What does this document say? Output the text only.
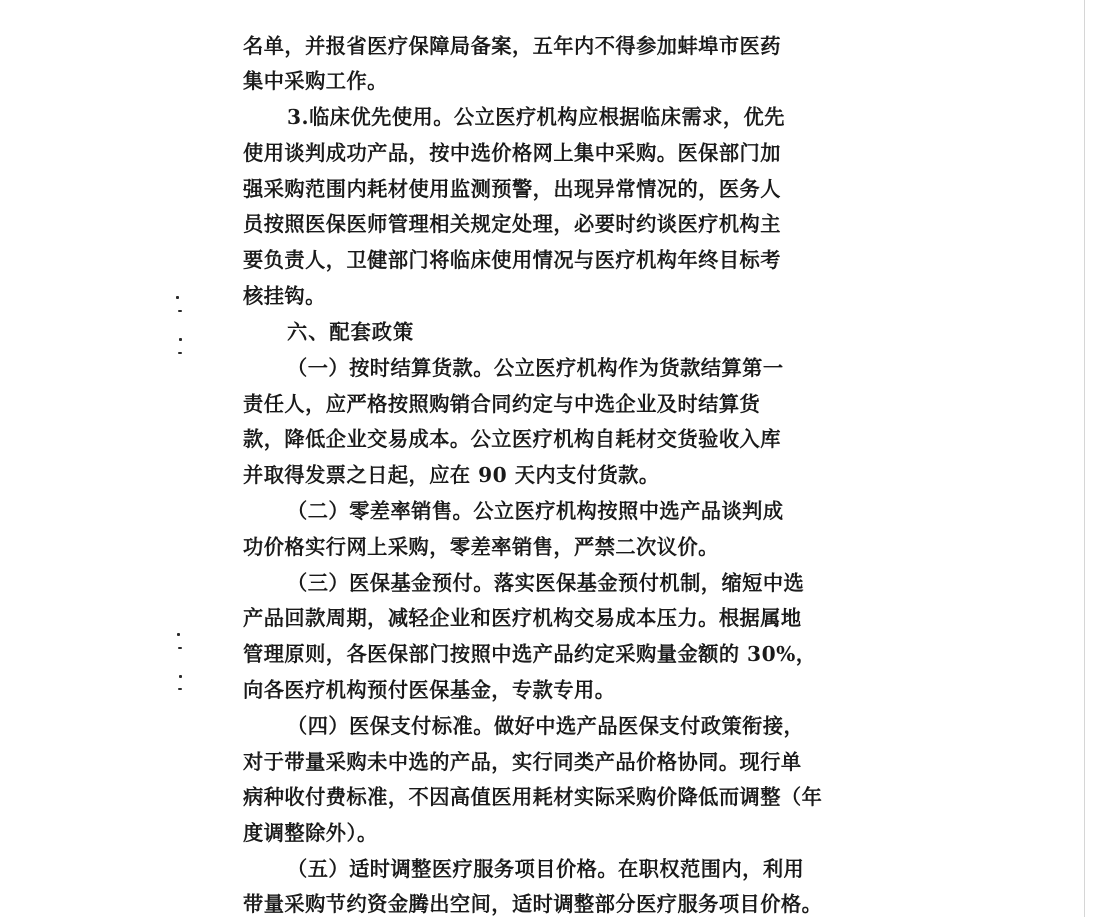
名单，并报省医疗保障局备案，五年内不得参加蚌埠市医药
集中采购工作。
3.临床优先使用。公立医疗机构应根据临床需求，优先
使用谈判成功产品，按中选价格网上集中采购。医保部门加
强采购范围内耗材使用监测预警，出现异常情况的，医务人
员按照医保医师管理相关规定处理，必要时约谈医疗机构主
要负责人，卫健部门将临床使用情况与医疗机构年终目标考
核挂钩。
六、配套政策
（一）按时结算货款。公立医疗机构作为货款结算第一
责任人，应严格按照购销合同约定与中选企业及时结算货
款，降低企业交易成本。公立医疗机构自耗材交货验收入库
并取得发票之日起，应在 90 天内支付货款。
（二）零差率销售。公立医疗机构按照中选产品谈判成
功价格实行网上采购，零差率销售，严禁二次议价。
（三）医保基金预付。落实医保基金预付机制，缩短中选
产品回款周期，减轻企业和医疗机构交易成本压力。根据属地
管理原则，各医保部门按照中选产品约定采购量金额的 30%，
向各医疗机构预付医保基金，专款专用。
（四）医保支付标准。做好中选产品医保支付政策衔接，
对于带量采购未中选的产品，实行同类产品价格协同。现行单
病种收付费标准，不因高值医用耗材实际采购价降低而调整（年
度调整除外）。
（五）适时调整医疗服务项目价格。在职权范围内，利用
带量采购节约资金腾出空间，适时调整部分医疗服务项目价格。
